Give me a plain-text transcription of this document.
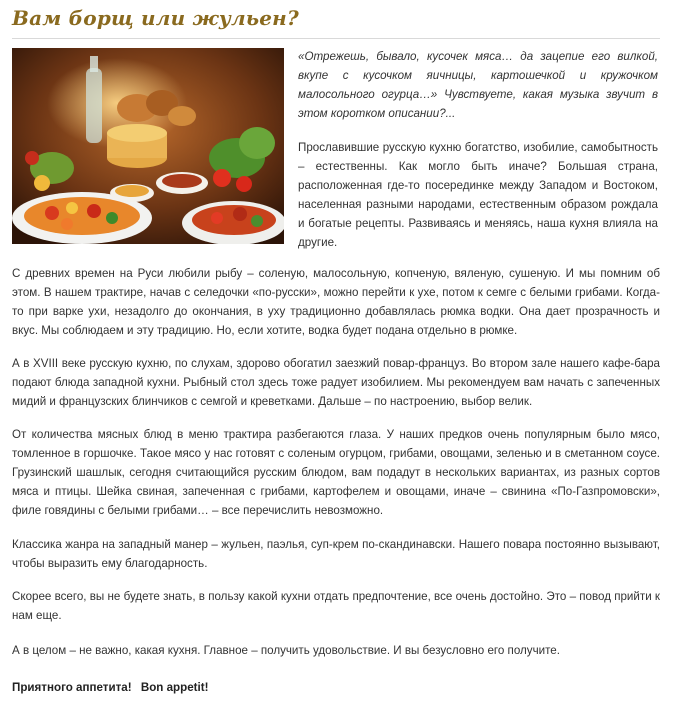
Вам борщ или жульен?

«Отрежешь, бывало, кусочек мяса… да зацепие его вилкой, вкупе с кусочком яичницы, картошечкой и кружочком малосольного огурца…» Чувствуете, какая музыка звучит в этом коротком описании?...

Прославившие русскую кухню богатство, изобилие, самобытность – естественны. Как могло быть иначе? Большая страна, расположенная где-то посерединке между Западом и Востоком, населенная разными народами, естественным образом рождала и богатые рецепты. Развиваясь и меняясь, наша кухня влияла на другие.

С древних времен на Руси любили рыбу – соленую, малосольную, копченую, вяленую, сушеную. И мы помним об этом. В нашем трактире, начав с селедочки «по-русски», можно перейти к ухе, потом к семге с белыми грибами. Когда-то при варке ухи, незадолго до окончания, в уху традиционно добавлялась рюмка водки. Она дает прозрачность и вкус. Мы соблюдаем и эту традицию. Но, если хотите, водка будет подана отдельно в рюмке.

А в XVIII веке русскую кухню, по слухам, здорово обогатил заезжий повар-француз. Во втором зале нашего кафе-бара подают блюда западной кухни. Рыбный стол здесь тоже радует изобилием. Мы рекомендуем вам начать с запеченных мидий и французских блинчиков с семгой и креветками. Дальше – по настроению, выбор велик.

От количества мясных блюд в меню трактира разбегаются глаза. У наших предков очень популярным было мясо, томленное в горшочке. Такое мясо у нас готовят с соленым огурцом, грибами, овощами, зеленью и в сметанном соусе. Грузинский шашлык, сегодня считающийся русским блюдом, вам подадут в нескольких вариантах, из разных сортов мяса и птицы. Шейка свиная, запеченная с грибами, картофелем и овощами, иначе – свинина «По-Газпромовски», филе говядины с белыми грибами… – все перечислить невозможно.

Классика жанра на западный манер – жульен, паэлья, суп-крем по-скандинавски. Нашего повара постоянно вызывают, чтобы выразить ему благодарность.

Скорее всего, вы не будете знать, в пользу какой кухни отдать предпочтение, все очень достойно. Это – повод прийти к нам еще.

А в целом – не важно, какая кухня. Главное – получить удовольствие. И вы безусловно его получите.

Приятного аппетита! Bon appetit!
